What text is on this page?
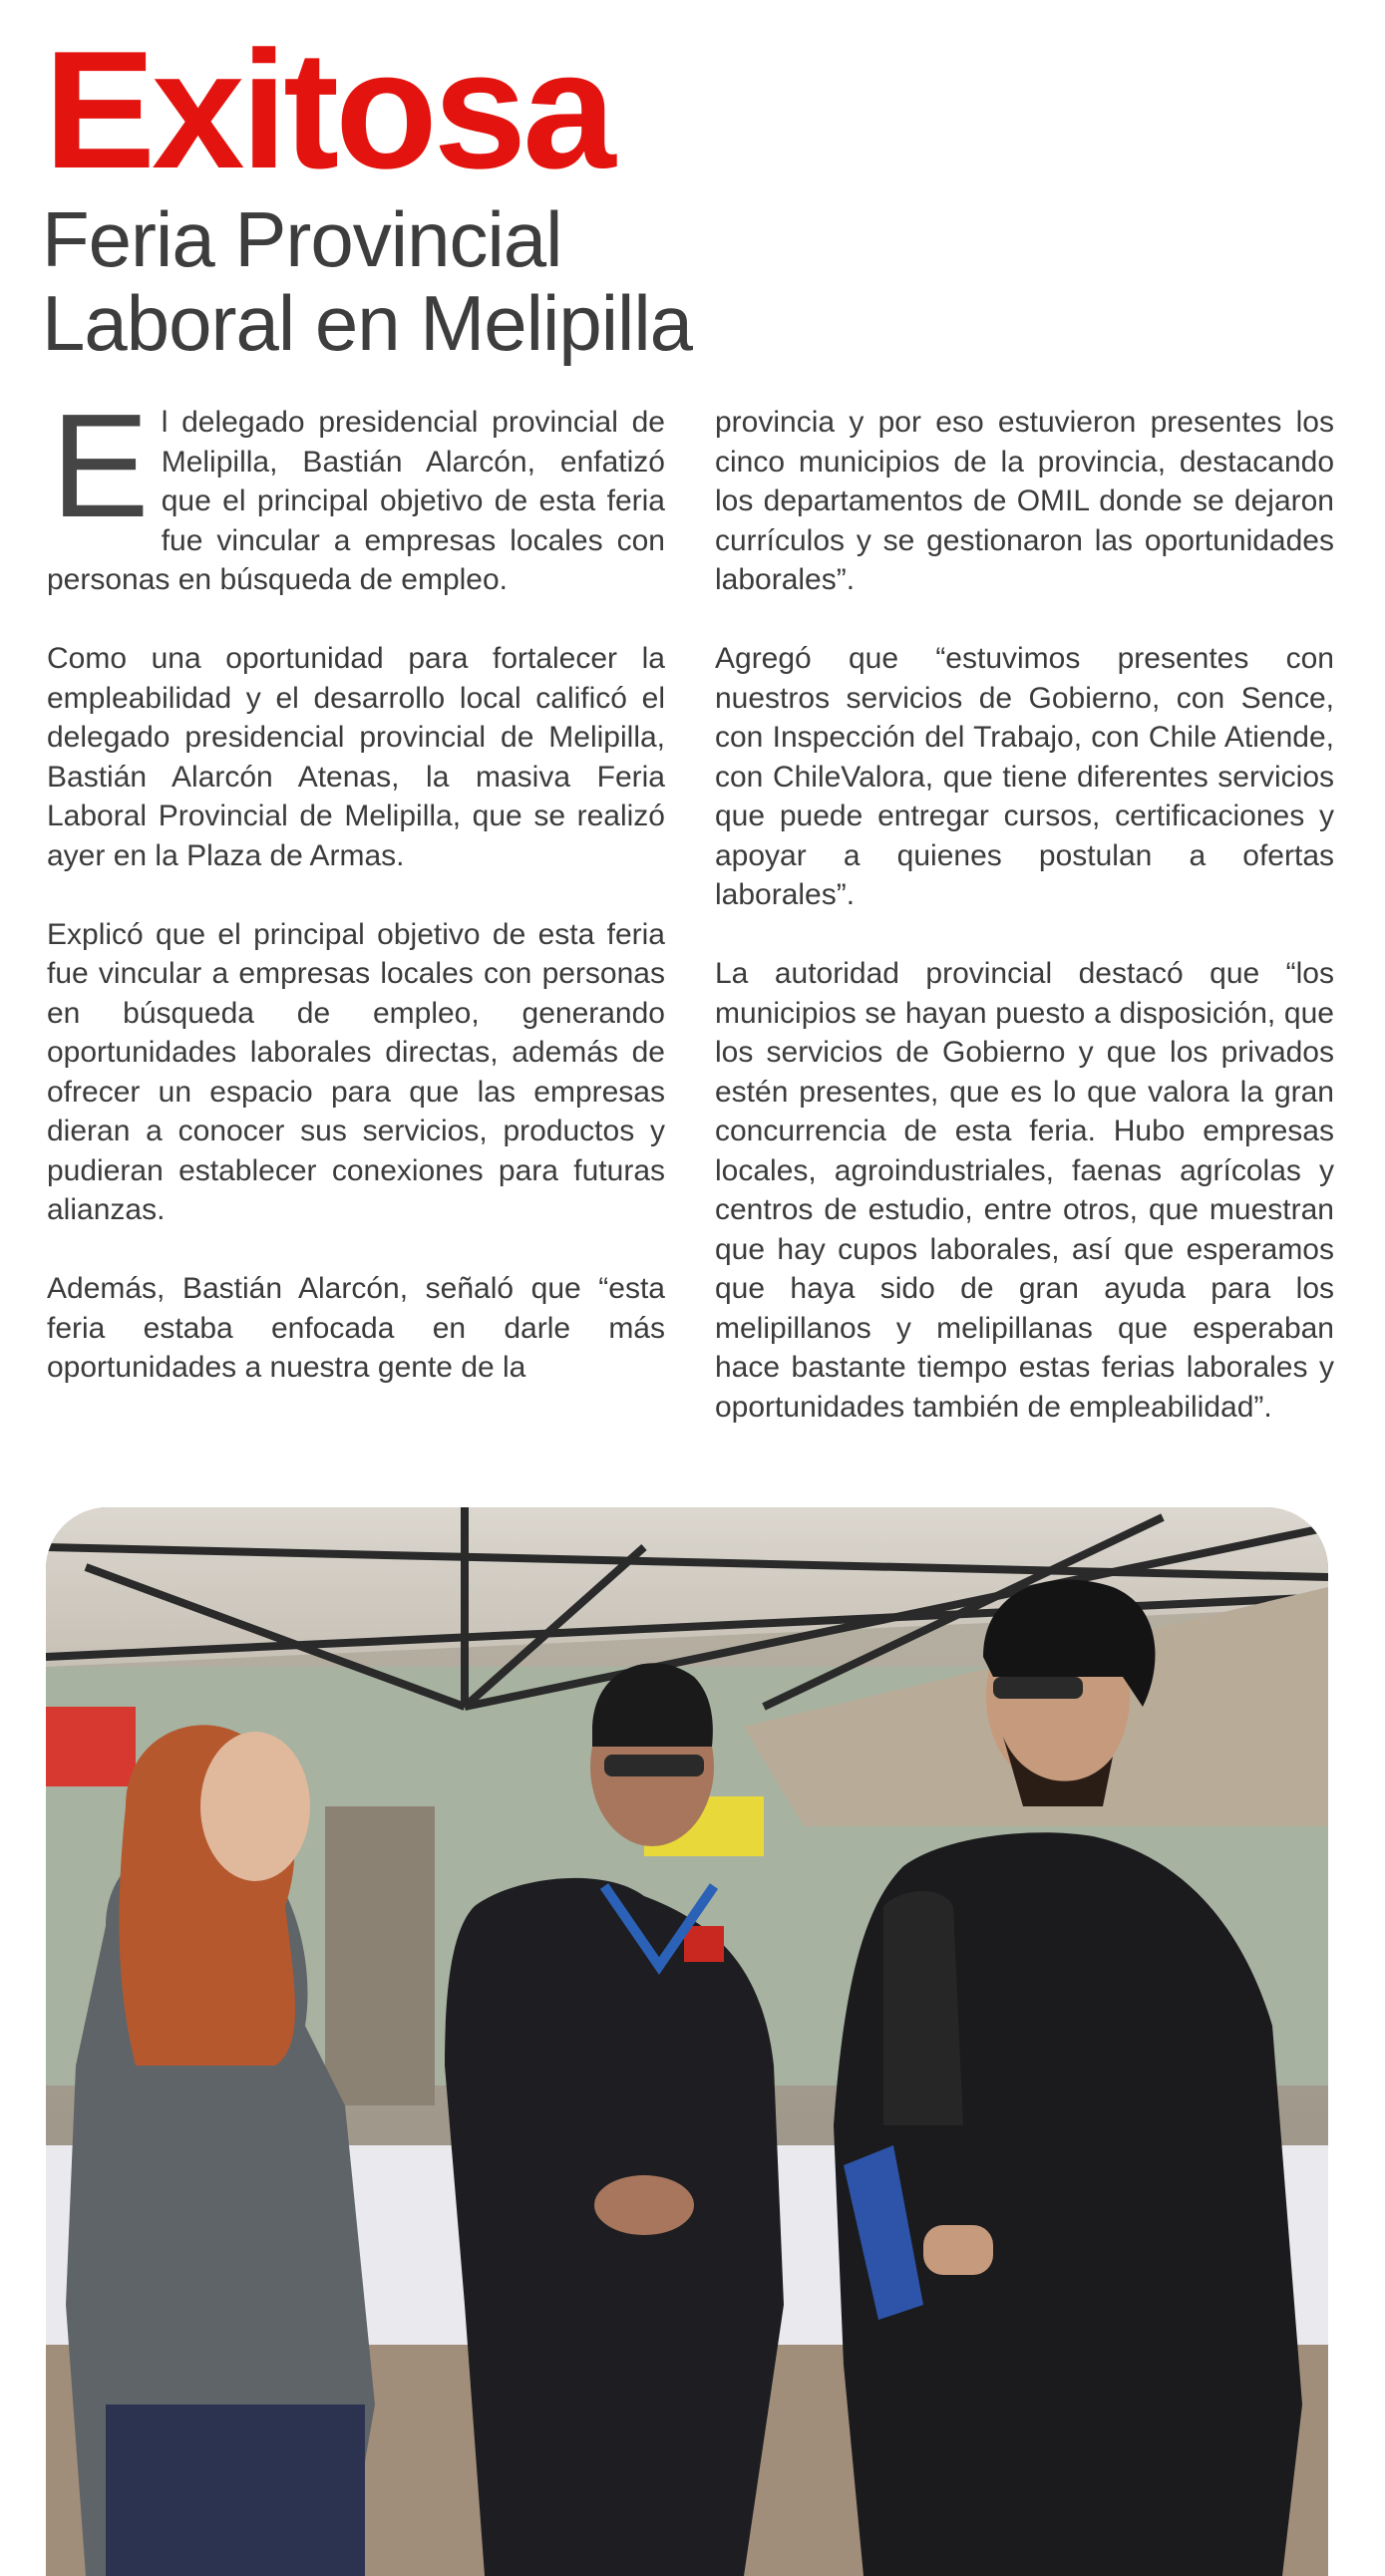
Exitosa
Feria Provincial
Laboral en Melipilla

El delegado presidencial provincial de Melipilla, Bastián Alarcón, enfatizó que el principal objetivo de esta feria fue vincular a empresas locales con personas en búsqueda de empleo.

Como una oportunidad para fortalecer la empleabilidad y el desarrollo local calificó el delegado presidencial provincial de Melipilla, Bastián Alarcón Atenas, la masiva Feria Laboral Provincial de Melipilla, que se realizó ayer en la Plaza de Armas.

Explicó que el principal objetivo de esta feria fue vincular a empresas locales con personas en búsqueda de empleo, generando oportunidades laborales directas, además de ofrecer un espacio para que las empresas dieran a conocer sus servicios, productos y pudieran establecer conexiones para futuras alianzas.

Además, Bastián Alarcón, señaló que “esta feria estaba enfocada en darle más oportunidades a nuestra gente de la

provincia y por eso estuvieron presentes los cinco municipios de la provincia, destacando los departamentos de OMIL donde se dejaron currículos y se gestionaron las oportunidades laborales”.

Agregó que “estuvimos presentes con nuestros servicios de Gobierno, con Sence, con Inspección del Trabajo, con Chile Atiende, con ChileValora, que tiene diferentes servicios que puede entregar cursos, certificaciones y apoyar a quienes postulan a ofertas laborales”.

La autoridad provincial destacó que “los municipios se hayan puesto a disposición, que los servicios de Gobierno y que los privados estén presentes, que es lo que valora la gran concurrencia de esta feria. Hubo empresas locales, agroindustriales, faenas agrícolas y centros de estudio, entre otros, que muestran que hay cupos laborales, así que esperamos que haya sido de gran ayuda para los melipillanos y melipillanas que esperaban hace bastante tiempo estas ferias laborales y oportunidades también de empleabilidad”.
